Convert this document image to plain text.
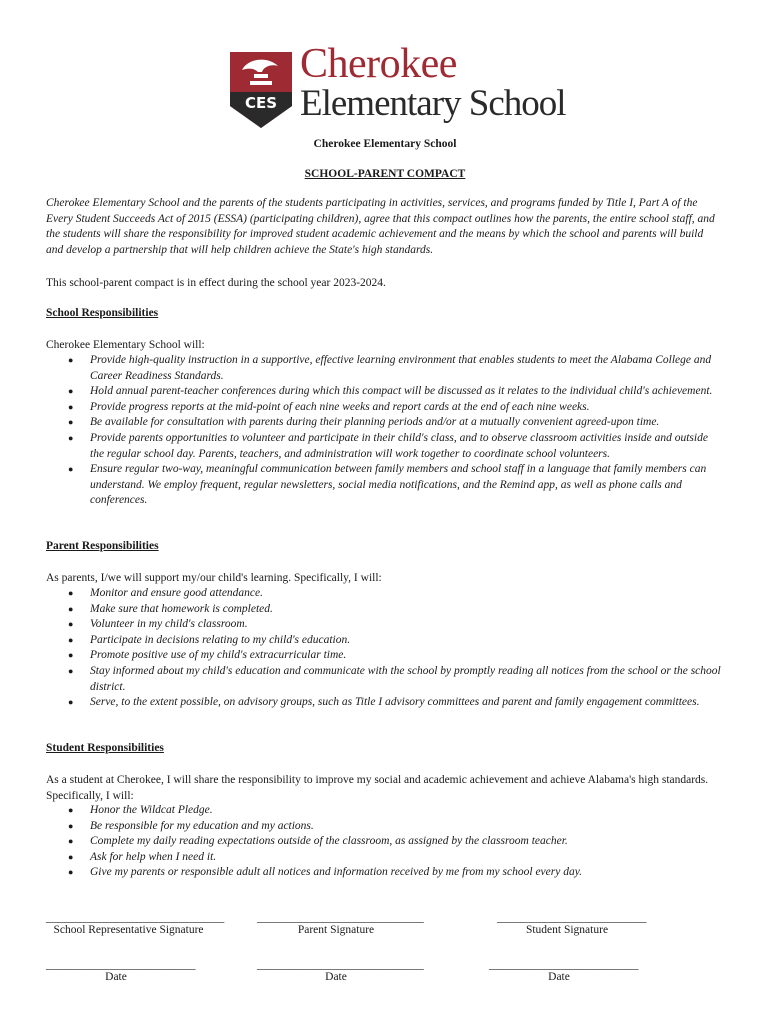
CES
Cherokee
Elementary School
Cherokee Elementary School
SCHOOL-PARENT COMPACT

Cherokee Elementary School and the parents of the students participating in activities, services, and programs funded by Title I, Part A of the Every Student Succeeds Act of 2015 (ESSA) (participating children), agree that this compact outlines how the parents, the entire school staff, and the students will share the responsibility for improved student academic achievement and the means by which the school and parents will build and develop a partnership that will help children achieve the State's high standards.

This school-parent compact is in effect during the school year 2023-2024.

School Responsibilities

Cherokee Elementary School will:

● Provide high-quality instruction in a supportive, effective learning environment that enables students to meet the Alabama College and Career Readiness Standards.
● Hold annual parent-teacher conferences during which this compact will be discussed as it relates to the individual child's achievement.
● Provide progress reports at the mid-point of each nine weeks and report cards at the end of each nine weeks.
● Be available for consultation with parents during their planning periods and/or at a mutually convenient agreed-upon time.
● Provide parents opportunities to volunteer and participate in their child's class, and to observe classroom activities inside and outside the regular school day. Parents, teachers, and administration will work together to coordinate school volunteers.
● Ensure regular two-way, meaningful communication between family members and school staff in a language that family members can understand. We employ frequent, regular newsletters, social media notifications, and the Remind app, as well as phone calls and conferences.
Parent Responsibilities

As parents, I/we will support my/our child's learning. Specifically, I will:

● Monitor and ensure good attendance.
● Make sure that homework is completed.
● Volunteer in my child's classroom.
● Participate in decisions relating to my child's education.
● Promote positive use of my child's extracurricular time.
● Stay informed about my child's education and communicate with the school by promptly reading all notices from the school or the school district.
● Serve, to the extent possible, on advisory groups, such as Title I advisory committees and parent and family engagement committees.
Student Responsibilities

As a student at Cherokee, I will share the responsibility to improve my social and academic achievement and achieve Alabama's high standards. Specifically, I will:

● Honor the Wildcat Pledge.
● Be responsible for my education and my actions.
● Complete my daily reading expectations outside of the classroom, as assigned by the classroom teacher.
● Ask for help when I need it.
● Give my parents or responsible adult all notices and information received by me from my school every day.
_______________________________
School Representative Signature
_____________________________
Parent Signature
__________________________
Student Signature
__________________________
Date
_____________________________
Date
__________________________
Date
